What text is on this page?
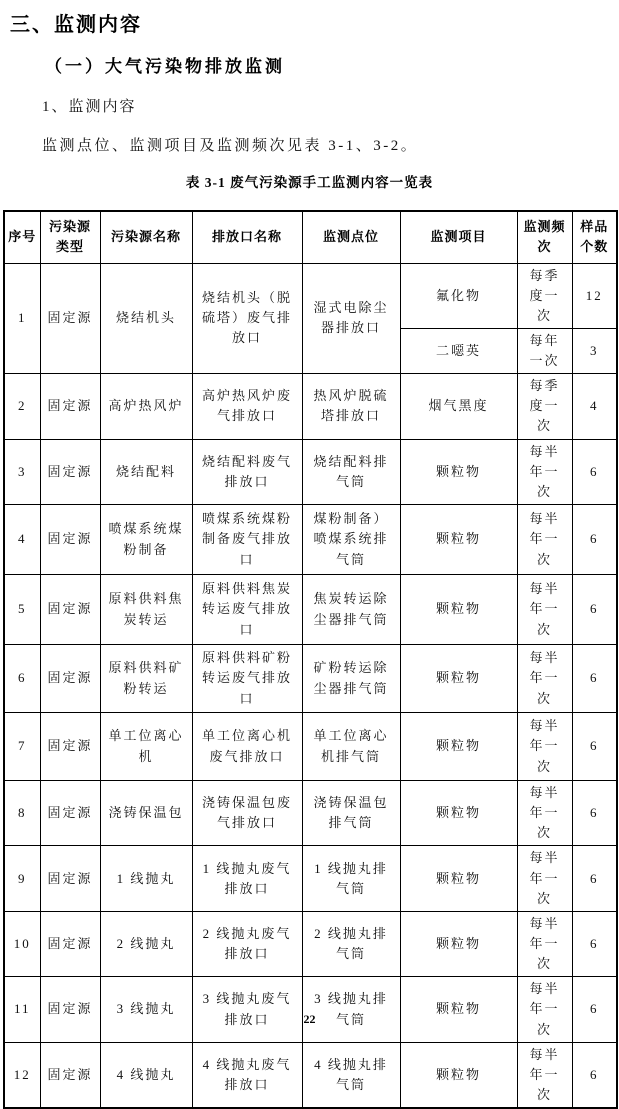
三、监测内容
（一）大气污染物排放监测
1、监测内容
监测点位、监测项目及监测频次见表 3-1、3-2。
表 3-1 废气污染源手工监测内容一览表
序号	污染源类型	污染源名称	排放口名称	监测点位	监测项目	监测频次	样品个数
1	固定源	烧结机头	烧结机头（脱硫塔）废气排放口	湿式电除尘器排放口	氟化物	每季度一次	12
					二噁英	每年一次	3
2	固定源	高炉热风炉	高炉热风炉废气排放口	热风炉脱硫塔排放口	烟气黑度	每季度一次	4
3	固定源	烧结配料	烧结配料废气排放口	烧结配料排气筒	颗粒物	每半年一次	6
4	固定源	喷煤系统煤粉制备	喷煤系统煤粉制备废气排放口	煤粉制备）喷煤系统排气筒	颗粒物	每半年一次	6
5	固定源	原料供料焦炭转运	原料供料焦炭转运废气排放口	焦炭转运除尘器排气筒	颗粒物	每半年一次	6
6	固定源	原料供料矿粉转运	原料供料矿粉转运废气排放口	矿粉转运除尘器排气筒	颗粒物	每半年一次	6
7	固定源	单工位离心机	单工位离心机废气排放口	单工位离心机排气筒	颗粒物	每半年一次	6
8	固定源	浇铸保温包	浇铸保温包废气排放口	浇铸保温包排气筒	颗粒物	每半年一次	6
9	固定源	1 线抛丸	1 线抛丸废气排放口	1 线抛丸排气筒	颗粒物	每半年一次	6
10	固定源	2 线抛丸	2 线抛丸废气排放口	2 线抛丸排气筒	颗粒物	每半年一次	6
11	固定源	3 线抛丸	3 线抛丸废气排放口	3 线抛丸排气筒	颗粒物	每半年一次	6
12	固定源	4 线抛丸	4 线抛丸废气排放口	4 线抛丸排气筒	颗粒物	每半年一次	6
22
